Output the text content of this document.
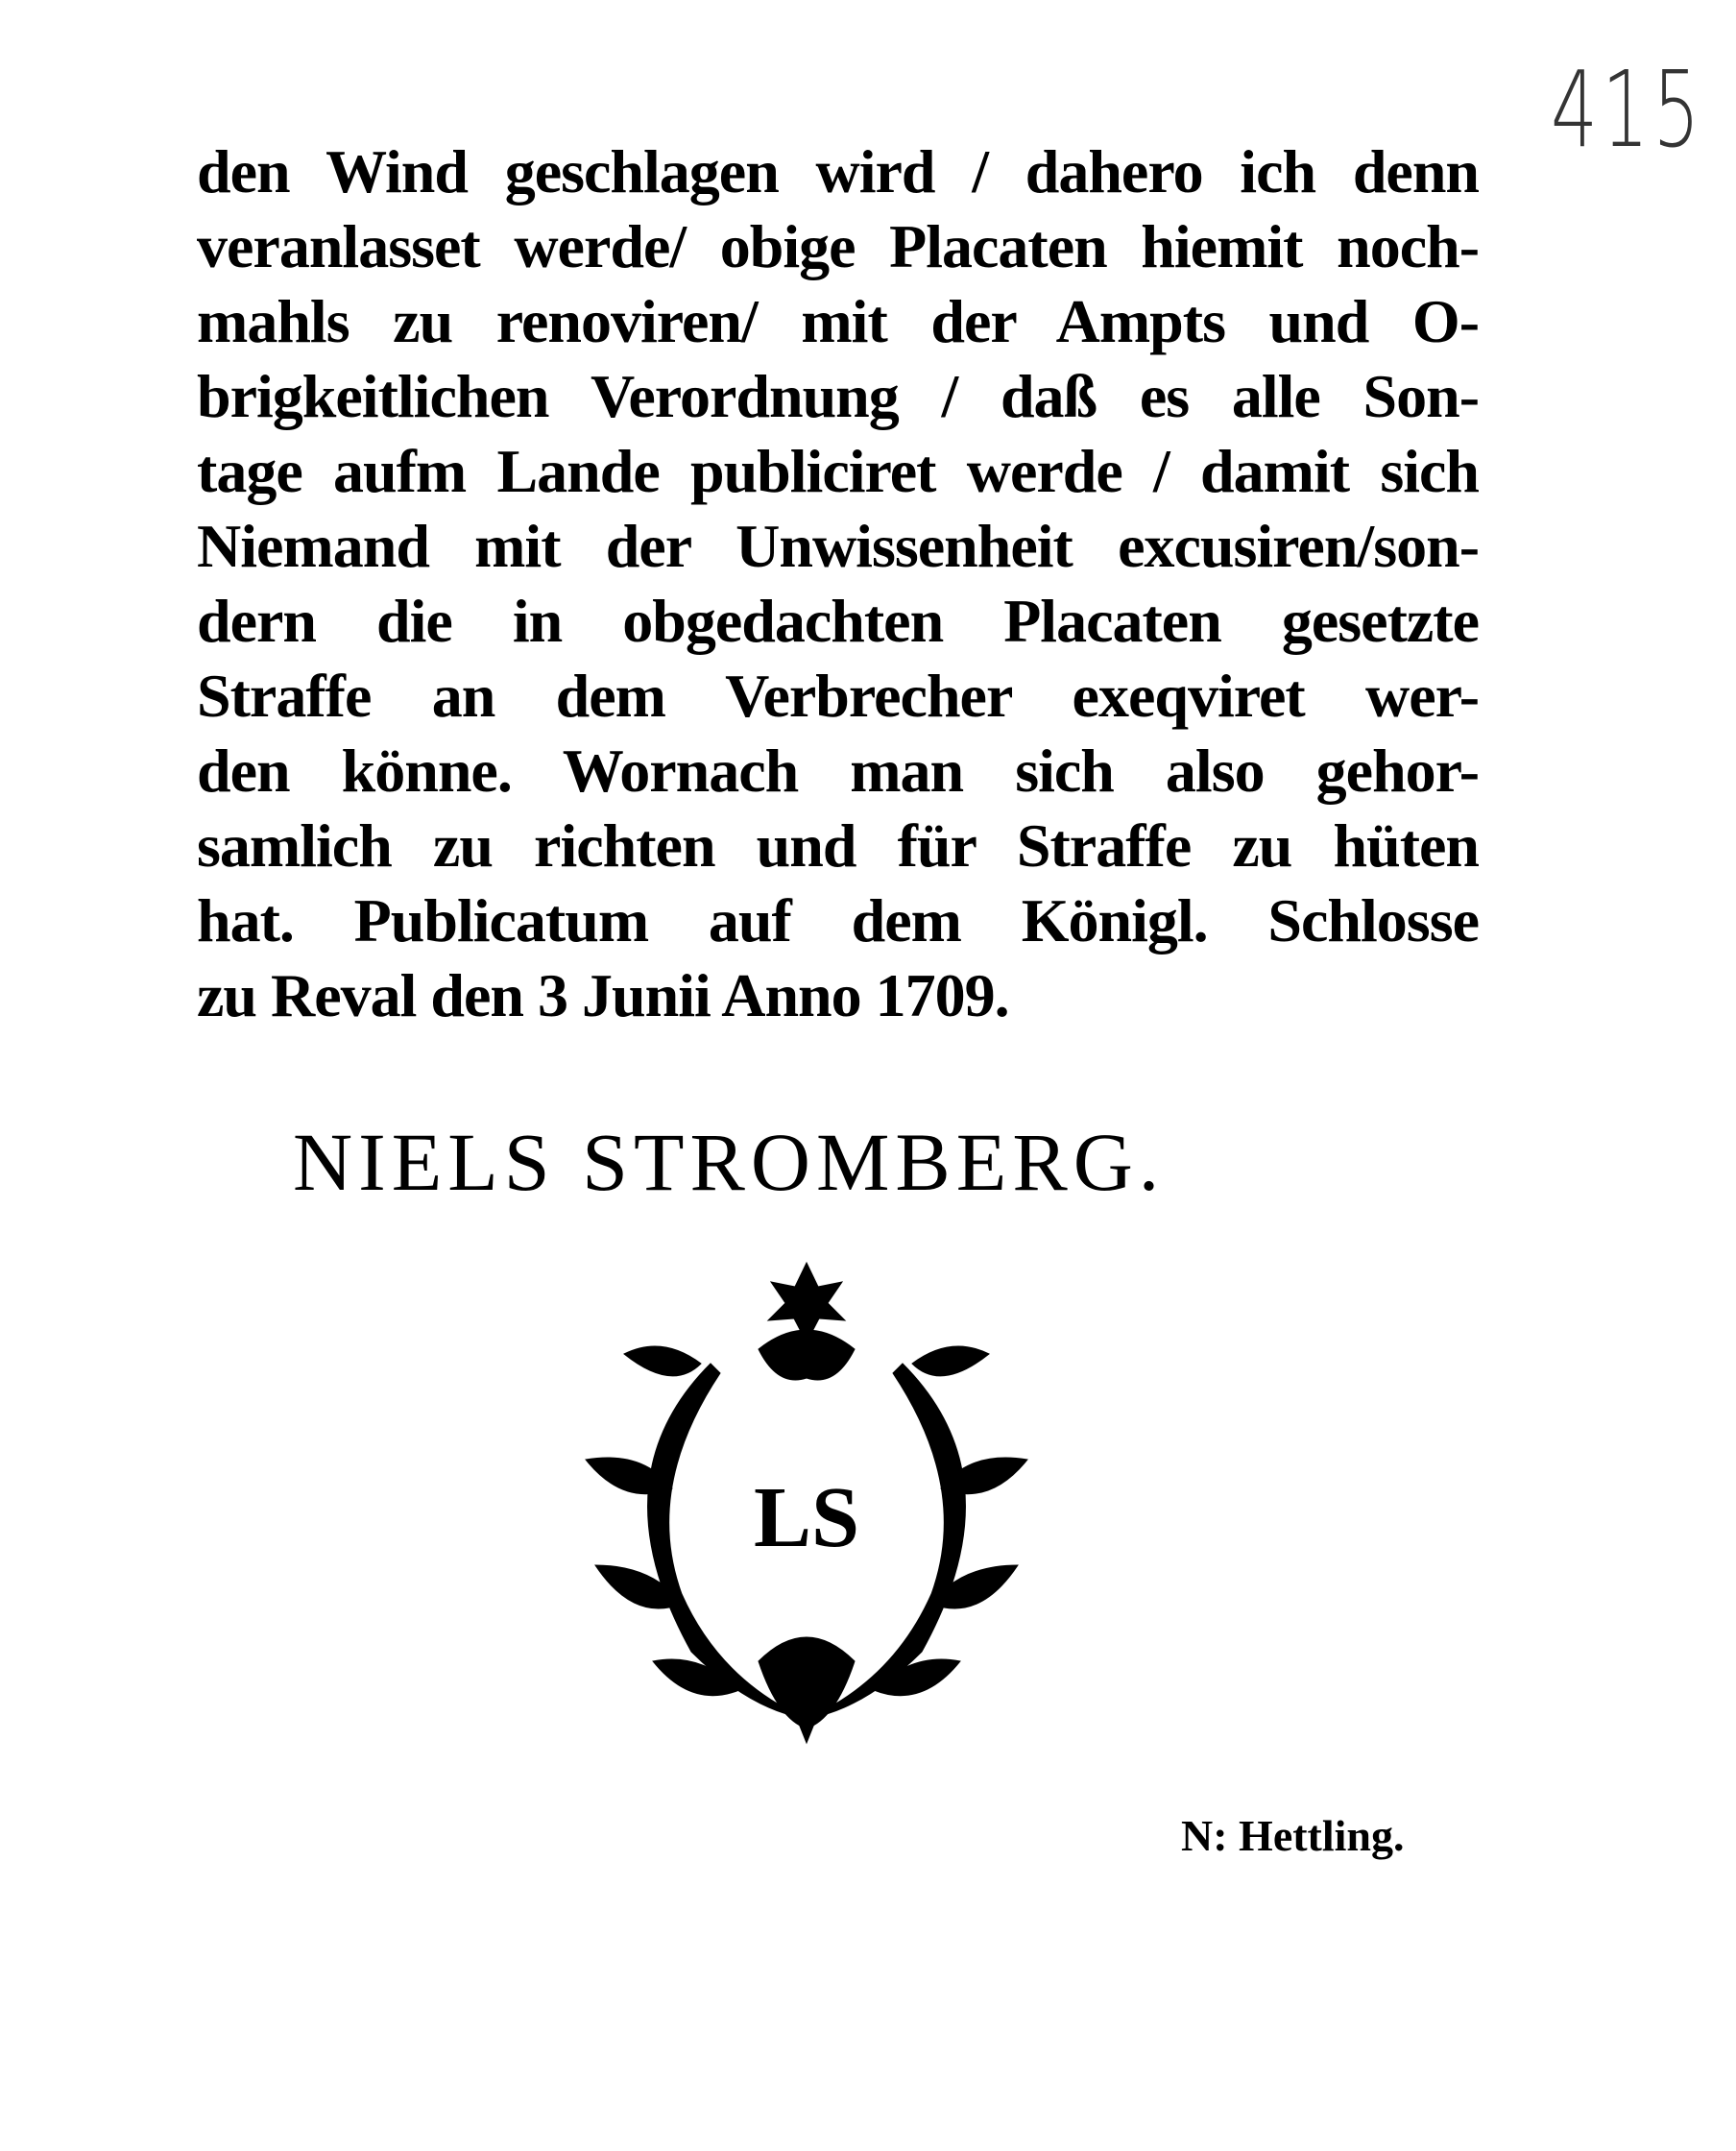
415
den Wind geschlagen wird / dahero ich denn
veranlasset werde/ obige Placaten hiemit noch-
mahls zu renoviren/ mit der Ampts und O-
brigkeitlichen Verordnung / daß es alle Son-
tage aufm Lande publiciret werde / damit sich
Niemand mit der Unwissenheit excusiren/son-
dern die in obgedachten Placaten gesetzte
Straffe an dem Verbrecher exeqviret wer-
den könne. Wornach man sich also gehor-
samlich zu richten und für Straffe zu hüten
hat. Publicatum auf dem Königl. Schlosse
zu Reval den 3 Junii Anno 1709.
NIELS STROMBERG.
LS
N: Hettling.
